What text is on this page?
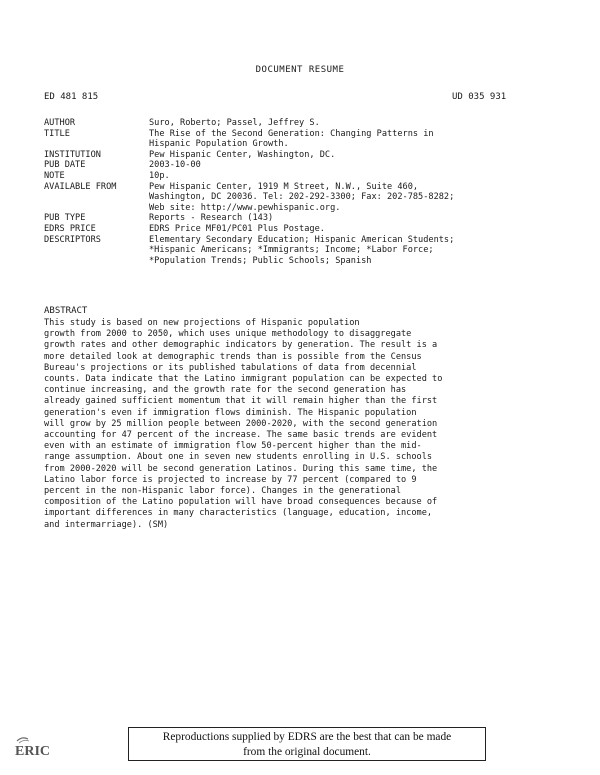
DOCUMENT RESUME
ED 481 815	UD 035 931
AUTHOR	Suro, Roberto; Passel, Jeffrey S.
TITLE	The Rise of the Second Generation: Changing Patterns in
Hispanic Population Growth.
INSTITUTION	Pew Hispanic Center, Washington, DC.
PUB DATE	2003-10-00
NOTE	10p.
AVAILABLE FROM	Pew Hispanic Center, 1919 M Street, N.W., Suite 460,
Washington, DC 20036. Tel: 202-292-3300; Fax: 202-785-8282;
Web site: http://www.pewhispanic.org.
PUB TYPE	Reports - Research (143)
EDRS PRICE	EDRS Price MF01/PC01 Plus Postage.
DESCRIPTORS	Elementary Secondary Education; Hispanic American Students;
*Hispanic Americans; *Immigrants; Income; *Labor Force;
*Population Trends; Public Schools; Spanish
ABSTRACT
This study is based on new projections of Hispanic population
growth from 2000 to 2050, which uses unique methodology to disaggregate
growth rates and other demographic indicators by generation. The result is a
more detailed look at demographic trends than is possible from the Census
Bureau's projections or its published tabulations of data from decennial
counts. Data indicate that the Latino immigrant population can be expected to
continue increasing, and the growth rate for the second generation has
already gained sufficient momentum that it will remain higher than the first
generation's even if immigration flows diminish. The Hispanic population
will grow by 25 million people between 2000-2020, with the second generation
accounting for 47 percent of the increase. The same basic trends are evident
even with an estimate of immigration flow 50-percent higher than the mid-
range assumption. About one in seven new students enrolling in U.S. schools
from 2000-2020 will be second generation Latinos. During this same time, the
Latino labor force is projected to increase by 77 percent (compared to 9
percent in the non-Hispanic labor force). Changes in the generational
composition of the Latino population will have broad consequences because of
important differences in many characteristics (language, education, income,
and intermarriage). (SM)
ERIC
Reproductions supplied by EDRS are the best that can be made
from the original document.
